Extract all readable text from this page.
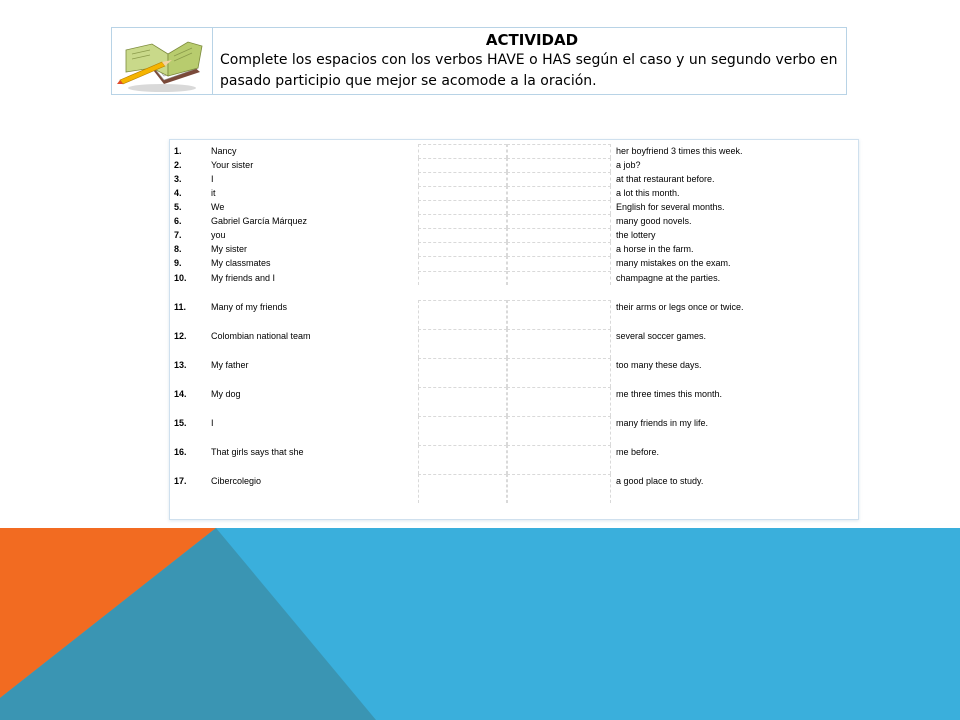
ACTIVIDAD
Complete los espacios con los verbos HAVE o HAS según el caso y un segundo verbo en pasado participio que mejor se acomode a la oración.
1.	Nancy	her boyfriend 3 times this week.
2.	Your sister	a job?
3.	I	at that restaurant before.
4.	it	a lot this month.
5.	We	English for several months.
6.	Gabriel García Márquez	many good novels.
7.	you	the lottery
8.	My sister	a horse in the farm.
9.	My classmates	many mistakes on the exam.
10.	My friends and I	champagne at the parties.
11.	Many of my friends	their arms or legs once or twice.
12.	Colombian national team	several soccer games.
13.	My father	too many these days.
14.	My dog	me three times this month.
15.	I	many friends in my life.
16.	That girls says that she	me before.
17.	Cibercolegio	a good place to study.
